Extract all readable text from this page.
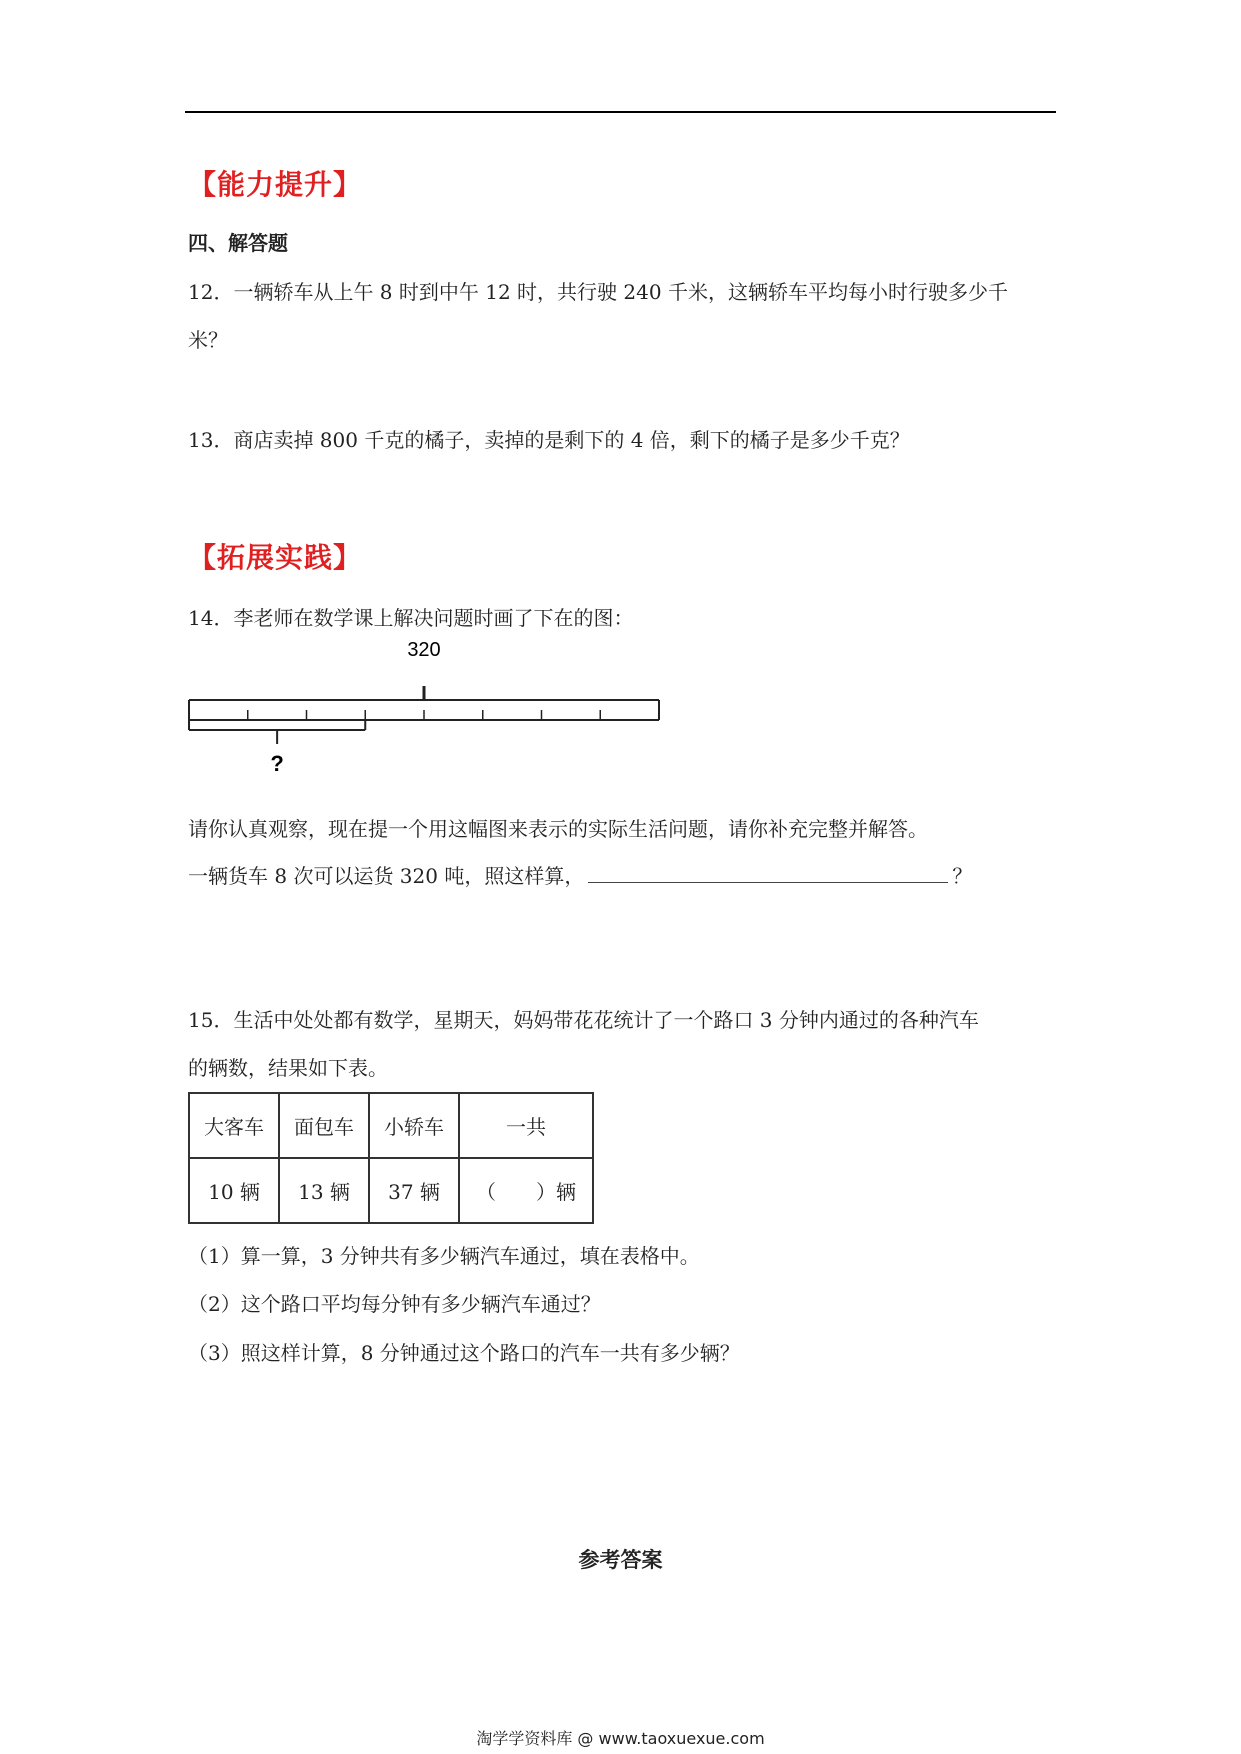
【能力提升】
四、解答题
12．一辆轿车从上午 8 时到中午 12 时，共行驶 240 千米，这辆轿车平均每小时行驶多少千
米？
13．商店卖掉 800 千克的橘子，卖掉的是剩下的 4 倍，剩下的橘子是多少千克？
【拓展实践】
14．李老师在数学课上解决问题时画了下在的图：
320
?
请你认真观察，现在提一个用这幅图来表示的实际生活问题，请你补充完整并解答。
一辆货车 8 次可以运货 320 吨，照这样算，	？
15．生活中处处都有数学，星期天，妈妈带花花统计了一个路口 3 分钟内通过的各种汽车
的辆数，结果如下表。
大客车	面包车	小轿车	一共
10 辆	13 辆	37 辆	（　　）辆
（1）算一算，3 分钟共有多少辆汽车通过，填在表格中。
（2）这个路口平均每分钟有多少辆汽车通过？
（3）照这样计算，8 分钟通过这个路口的汽车一共有多少辆？
参考答案
淘学学资料库 @ www.taoxuexue.com
